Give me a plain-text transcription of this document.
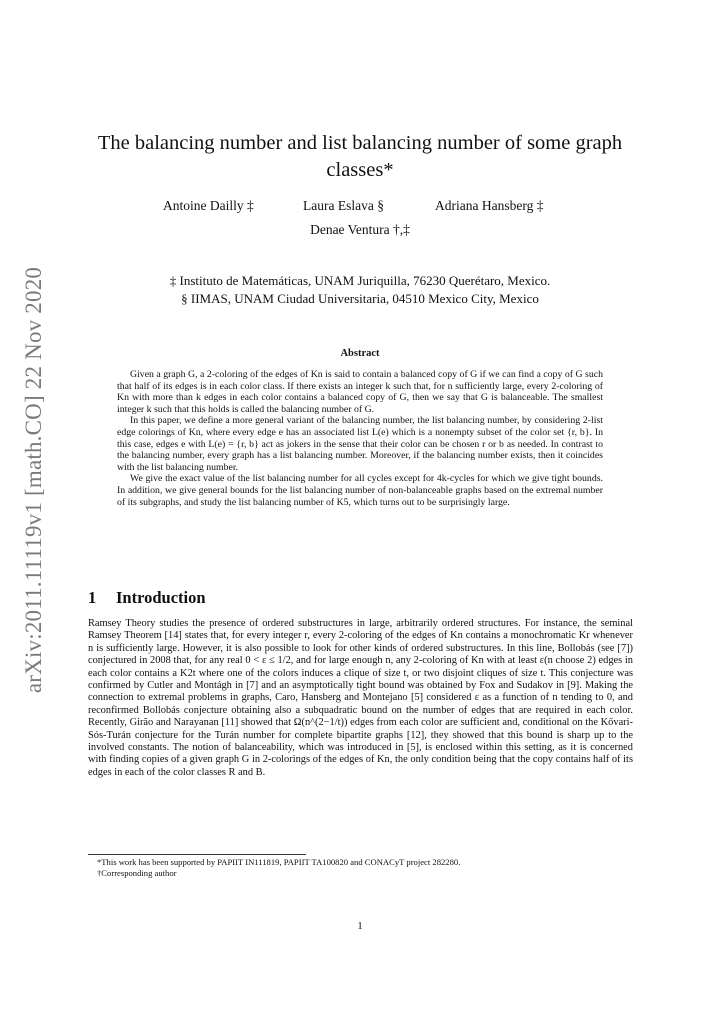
arXiv:2011.11119v1 [math.CO] 22 Nov 2020
The balancing number and list balancing number of some graph classes*
Antoine Dailly ‡	Laura Eslava §	Adriana Hansberg ‡
Denae Ventura †,‡
‡ Instituto de Matemáticas, UNAM Juriquilla, 76230 Querétaro, Mexico.
§ IIMAS, UNAM Ciudad Universitaria, 04510 Mexico City, Mexico
Abstract

Given a graph G, a 2-coloring of the edges of Kn is said to contain a balanced copy of G if we can find a copy of G such that half of its edges is in each color class. If there exists an integer k such that, for n sufficiently large, every 2-coloring of Kn with more than k edges in each color contains a balanced copy of G, then we say that G is balanceable. The smallest integer k such that this holds is called the balancing number of G.

In this paper, we define a more general variant of the balancing number, the list balancing number, by considering 2-list edge colorings of Kn, where every edge e has an associated list L(e) which is a nonempty subset of the color set {r, b}. In this case, edges e with L(e) = {r, b} act as jokers in the sense that their color can be chosen r or b as needed. In contrast to the balancing number, every graph has a list balancing number. Moreover, if the balancing number exists, then it coincides with the list balancing number.

We give the exact value of the list balancing number for all cycles except for 4k-cycles for which we give tight bounds. In addition, we give general bounds for the list balancing number of non-balanceable graphs based on the extremal number of its subgraphs, and study the list balancing number of K5, which turns out to be surprisingly large.

1 Introduction

Ramsey Theory studies the presence of ordered substructures in large, arbitrarily ordered structures. For instance, the seminal Ramsey Theorem [14] states that, for every integer r, every 2-coloring of the edges of Kn contains a monochromatic Kr whenever n is sufficiently large. However, it is also possible to look for other kinds of ordered substructures. In this line, Bollobás (see [7]) conjectured in 2008 that, for any real 0 < ε ≤ 1/2, and for large enough n, any 2-coloring of Kn with at least ε(n choose 2) edges in each color contains a K2t where one of the colors induces a clique of size t, or two disjoint cliques of size t. This conjecture was confirmed by Cutler and Montágh in [7] and an asymptotically tight bound was obtained by Fox and Sudakov in [9]. Making the connection to extremal problems in graphs, Caro, Hansberg and Montejano [5] considered ε as a function of n tending to 0, and reconfirmed Bollobás conjecture obtaining also a subquadratic bound on the number of edges that are required in each color. Recently, Girão and Narayanan [11] showed that Ω(n^(2−1/t)) edges from each color are sufficient and, conditional on the Kővari-Sós-Turán conjecture for the Turán number for complete bipartite graphs [12], they showed that this bound is sharp up to the involved constants. The notion of balanceability, which was introduced in [5], is enclosed within this setting, as it is concerned with finding copies of a given graph G in 2-colorings of the edges of Kn, the only condition being that the copy contains half of its edges in each of the color classes R and B.

*This work has been supported by PAPIIT IN111819, PAPIIT TA100820 and CONACyT project 282280.
†Corresponding author
1
